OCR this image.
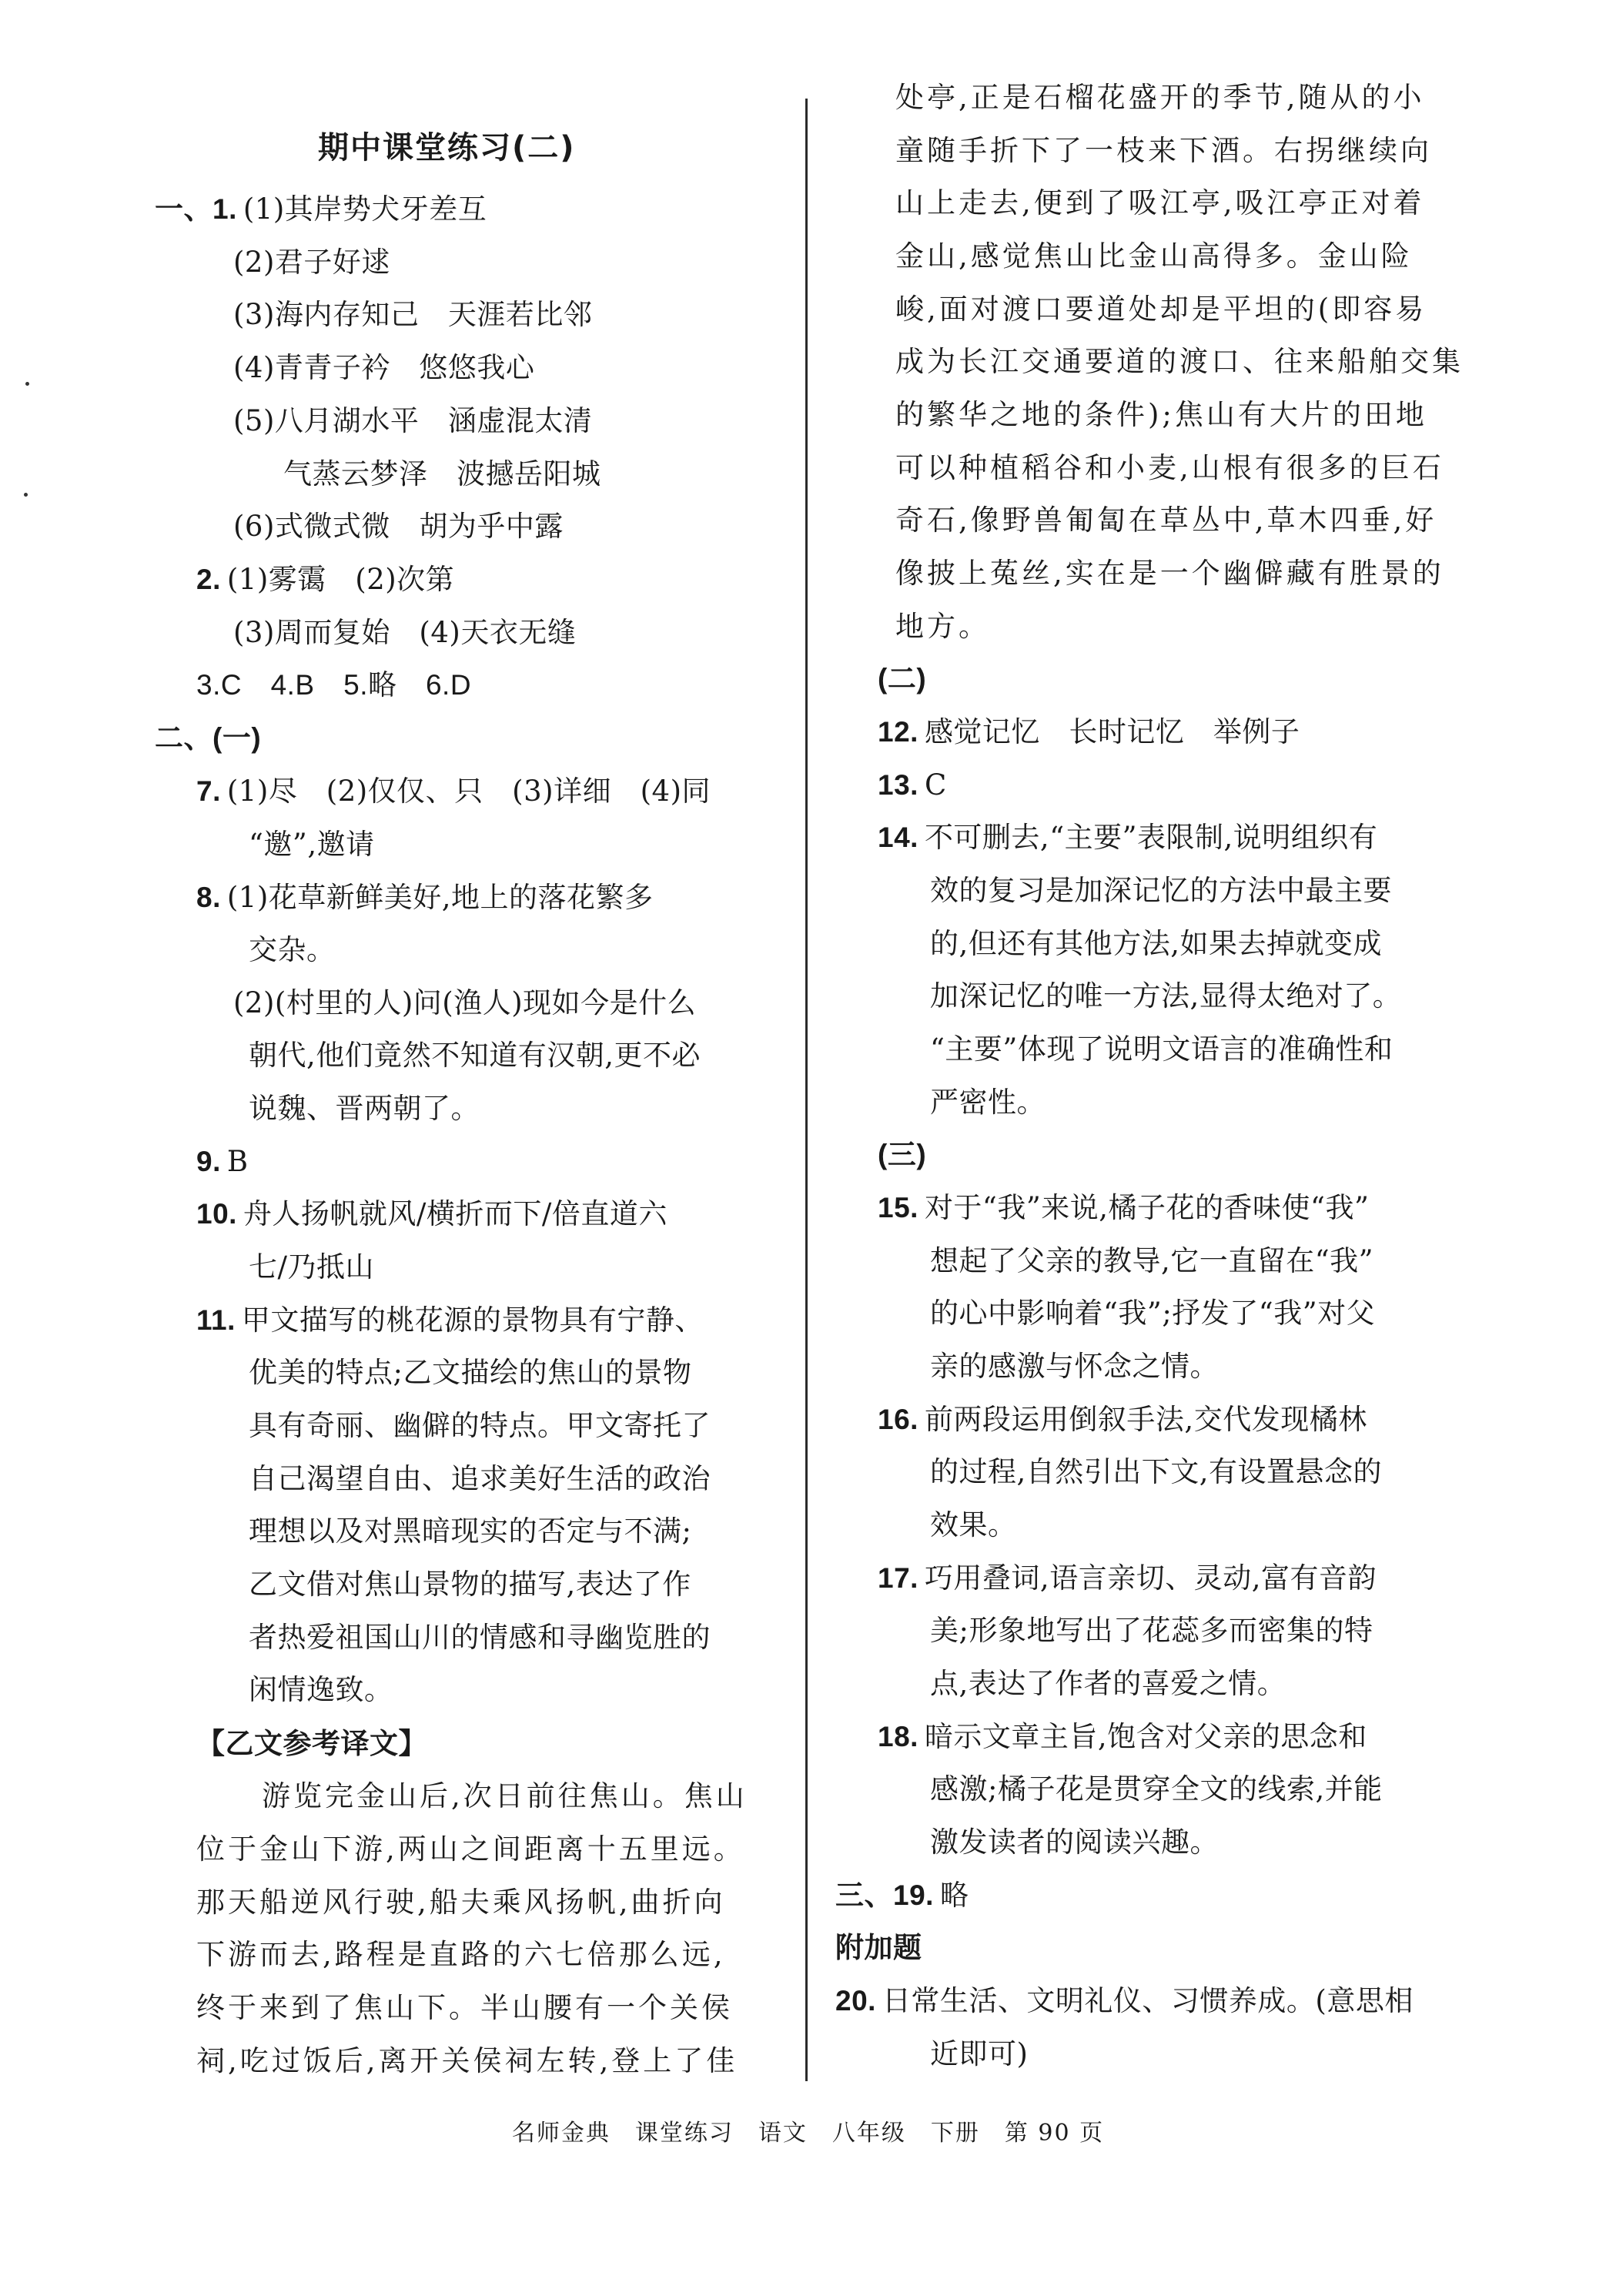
期中课堂练习(二)
一、1. (1)其岸势犬牙差互
(2)君子好逑
(3)海内存知己　天涯若比邻
(4)青青子衿　悠悠我心
(5)八月湖水平　涵虚混太清
气蒸云梦泽　波撼岳阳城
(6)式微式微　胡为乎中露
2. (1)雾霭　(2)次第
(3)周而复始　(4)天衣无缝
3.C　4.B　5.略　6.D
二、(一)
7. (1)尽　(2)仅仅、只　(3)详细　(4)同
“邀”,邀请
8. (1)花草新鲜美好,地上的落花繁多
交杂。
(2)(村里的人)问(渔人)现如今是什么
朝代,他们竟然不知道有汉朝,更不必
说魏、晋两朝了。
9. B
10. 舟人扬帆就风/横折而下/倍直道六
七/乃抵山
11. 甲文描写的桃花源的景物具有宁静、
优美的特点;乙文描绘的焦山的景物
具有奇丽、幽僻的特点。甲文寄托了
自己渴望自由、追求美好生活的政治
理想以及对黑暗现实的否定与不满;
乙文借对焦山景物的描写,表达了作
者热爱祖国山川的情感和寻幽览胜的
闲情逸致。
【乙文参考译文】
游览完金山后,次日前往焦山。焦山
位于金山下游,两山之间距离十五里远。
那天船逆风行驶,船夫乘风扬帆,曲折向
下游而去,路程是直路的六七倍那么远,
终于来到了焦山下。半山腰有一个关侯
祠,吃过饭后,离开关侯祠左转,登上了佳
处亭,正是石榴花盛开的季节,随从的小
童随手折下了一枝来下酒。右拐继续向
山上走去,便到了吸江亭,吸江亭正对着
金山,感觉焦山比金山高得多。金山险
峻,面对渡口要道处却是平坦的(即容易
成为长江交通要道的渡口、往来船舶交集
的繁华之地的条件);焦山有大片的田地
可以种植稻谷和小麦,山根有很多的巨石
奇石,像野兽匍匐在草丛中,草木四垂,好
像披上菟丝,实在是一个幽僻藏有胜景的
地方。
(二)
12. 感觉记忆　长时记忆　举例子
13. C
14. 不可删去,“主要”表限制,说明组织有
效的复习是加深记忆的方法中最主要
的,但还有其他方法,如果去掉就变成
加深记忆的唯一方法,显得太绝对了。
“主要”体现了说明文语言的准确性和
严密性。
(三)
15. 对于“我”来说,橘子花的香味使“我”
想起了父亲的教导,它一直留在“我”
的心中影响着“我”;抒发了“我”对父
亲的感激与怀念之情。
16. 前两段运用倒叙手法,交代发现橘林
的过程,自然引出下文,有设置悬念的
效果。
17. 巧用叠词,语言亲切、灵动,富有音韵
美;形象地写出了花蕊多而密集的特
点,表达了作者的喜爱之情。
18. 暗示文章主旨,饱含对父亲的思念和
感激;橘子花是贯穿全文的线索,并能
激发读者的阅读兴趣。
三、19. 略
附加题
20. 日常生活、文明礼仪、习惯养成。(意思相
近即可)
名师金典　课堂练习　语文　八年级　下册　第 90 页
